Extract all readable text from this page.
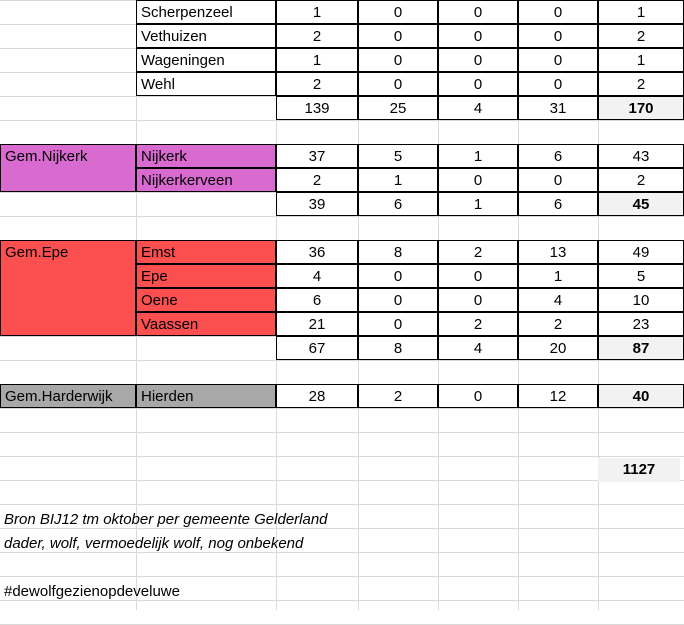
Scherpenzeel	1	0	0	0	1
Vethuizen	2	0	0	0	2
Wageningen	1	0	0	0	1
Wehl	2	0	0	0	2
139	25	4	31	170
Gem.Nijkerk	Nijkerk	37	5	1	6	43
Nijkerkerveen	2	1	0	0	2
39	6	1	6	45
Gem.Epe	Emst	36	8	2	13	49
Epe	4	0	0	1	5
Oene	6	0	0	4	10
Vaassen	21	0	2	2	23
67	8	4	20	87
Gem.Harderwijk	Hierden	28	2	0	12	40
1127
Bron BIJ12 tm oktober per gemeente Gelderland
dader, wolf, vermoedelijk wolf, nog onbekend
#dewolfgezienopdeveluwe
